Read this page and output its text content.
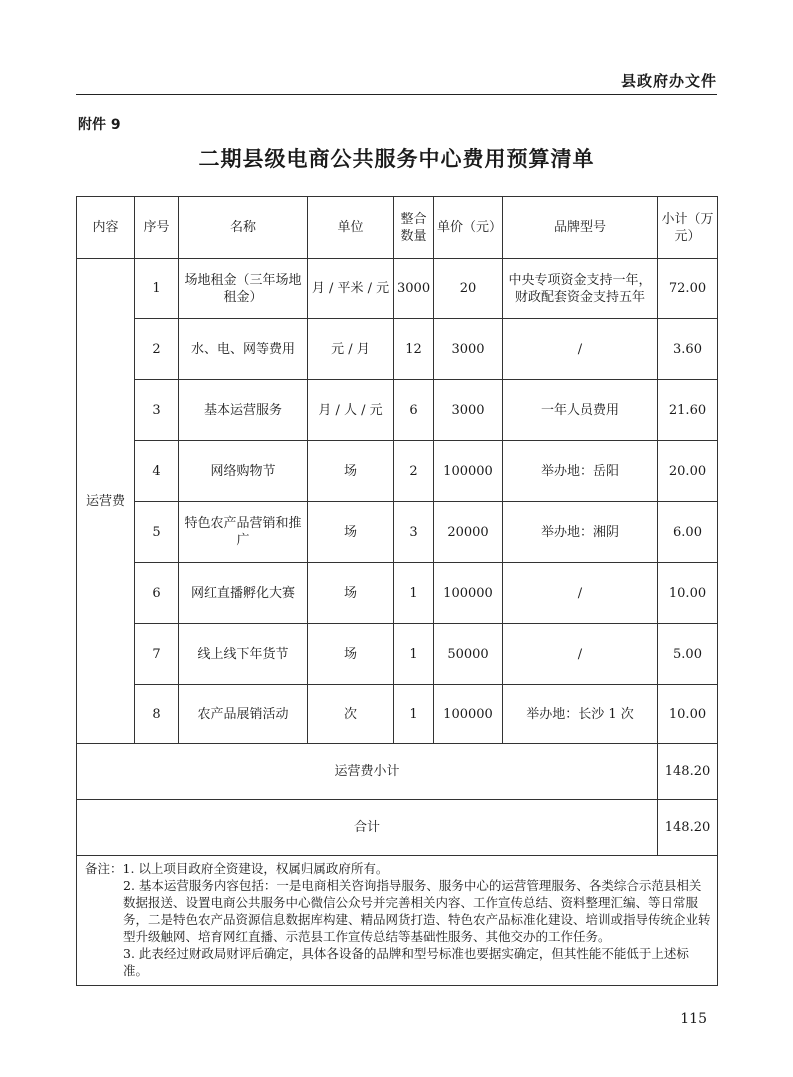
县政府办文件
附件 9
二期县级电商公共服务中心费用预算清单
内容	序号	名称	单位	整合数量	单价（元）	品牌型号	小计（万元）
运营费	1	场地租金（三年场地租金）	月 / 平米 / 元	3000	20	中央专项资金支持一年，财政配套资金支持五年	72.00
	2	水、电、网等费用	元 / 月	12	3000	/	3.60
	3	基本运营服务	月 / 人 / 元	6	3000	一年人员费用	21.60
	4	网络购物节	场	2	100000	举办地：岳阳	20.00
	5	特色农产品营销和推广	场	3	20000	举办地：湘阴	6.00
	6	网红直播孵化大赛	场	1	100000	/	10.00
	7	线上线下年货节	场	1	50000	/	5.00
	8	农产品展销活动	次	1	100000	举办地：长沙 1 次	10.00
运营费小计							148.20
合计							148.20

备注：1. 以上项目政府全资建设，权属归属政府所有。
2. 基本运营服务内容包括：一是电商相关咨询指导服务、服务中心的运营管理服务、各类综合示范县相关数据报送、设置电商公共服务中心微信公众号并完善相关内容、工作宣传总结、资料整理汇编、等日常服务，二是特色农产品资源信息数据库构建、精品网货打造、特色农产品标准化建设、培训或指导传统企业转型升级触网、培育网红直播、示范县工作宣传总结等基础性服务、其他交办的工作任务。
3. 此表经过财政局财评后确定，具体各设备的品牌和型号标准也要据实确定，但其性能不能低于上述标准。							
115
